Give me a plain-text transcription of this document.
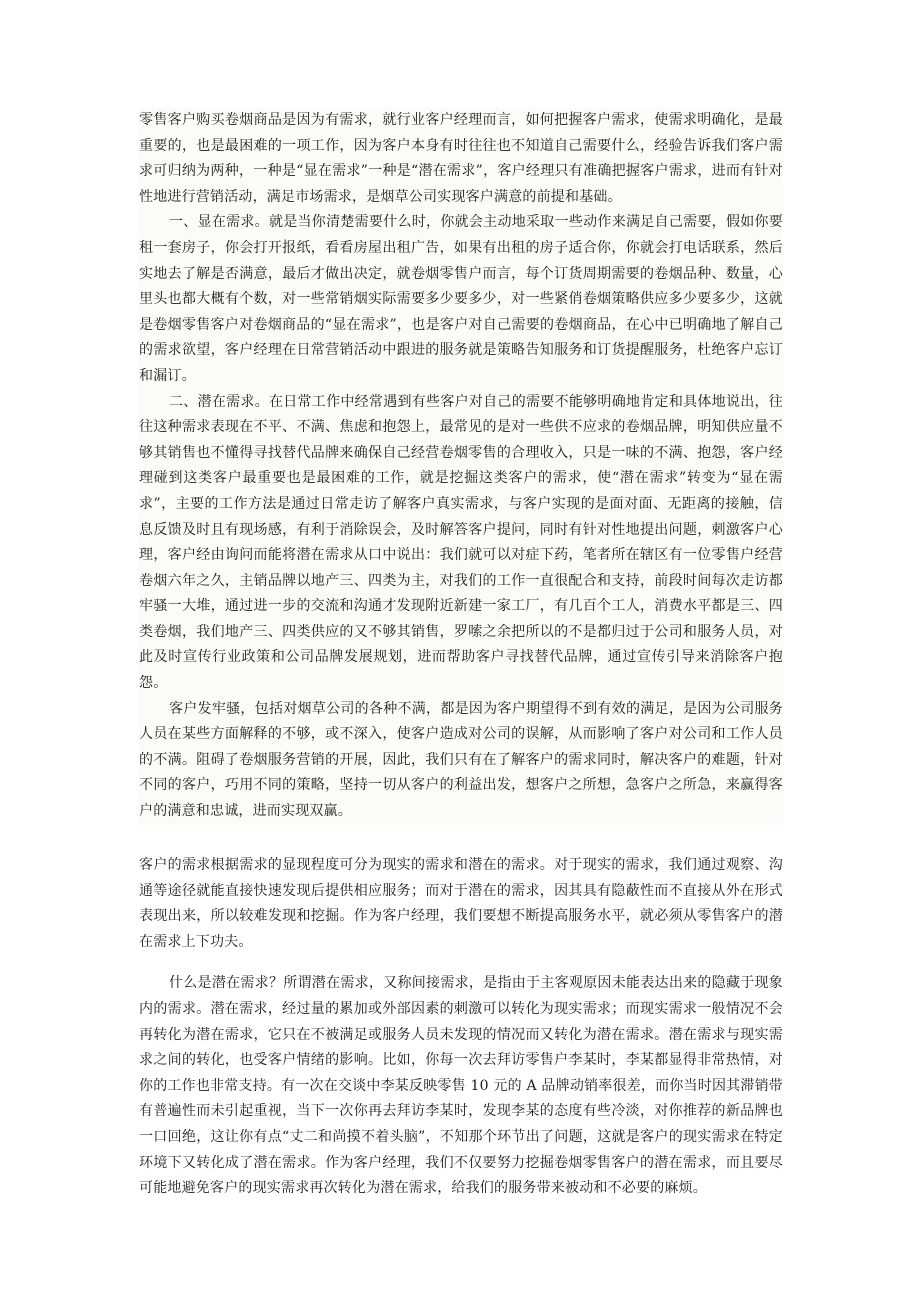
零售客户购买卷烟商品是因为有需求，就行业客户经理而言，如何把握客户需求，使需求明确化，是最重要的，也是最困难的一项工作，因为客户本身有时往往也不知道自己需要什么，经验告诉我们客户需求可归纳为两种，一种是“显在需求”一种是“潜在需求”，客户经理只有准确把握客户需求，进而有针对性地进行营销活动，满足市场需求，是烟草公司实现客户满意的前提和基础。

一、显在需求。就是当你清楚需要什么时，你就会主动地采取一些动作来满足自己需要，假如你要租一套房子，你会打开报纸，看看房屋出租广告，如果有出租的房子适合你，你就会打电话联系，然后实地去了解是否满意，最后才做出决定，就卷烟零售户而言，每个订货周期需要的卷烟品种、数量，心里头也都大概有个数，对一些常销烟实际需要多少要多少，对一些紧俏卷烟策略供应多少要多少，这就是卷烟零售客户对卷烟商品的“显在需求”，也是客户对自己需要的卷烟商品，在心中已明确地了解自己的需求欲望，客户经理在日常营销活动中跟进的服务就是策略告知服务和订货提醒服务，杜绝客户忘订和漏订。

二、潜在需求。在日常工作中经常遇到有些客户对自己的需要不能够明确地肯定和具体地说出，往往这种需求表现在不平、不满、焦虑和抱怨上，最常见的是对一些供不应求的卷烟品牌，明知供应量不够其销售也不懂得寻找替代品牌来确保自己经营卷烟零售的合理收入，只是一味的不满、抱怨，客户经理碰到这类客户最重要也是最困难的工作，就是挖掘这类客户的需求，使“潜在需求”转变为“显在需求”，主要的工作方法是通过日常走访了解客户真实需求，与客户实现的是面对面、无距离的接触，信息反馈及时且有现场感，有利于消除误会，及时解答客户提问，同时有针对性地提出问题，刺激客户心理，客户经由询问而能将潜在需求从口中说出：我们就可以对症下药，笔者所在辖区有一位零售户经营卷烟六年之久，主销品牌以地产三、四类为主，对我们的工作一直很配合和支持，前段时间每次走访都牢骚一大堆，通过进一步的交流和沟通才发现附近新建一家工厂，有几百个工人，消费水平都是三、四类卷烟，我们地产三、四类供应的又不够其销售，罗嗦之余把所以的不是都归过于公司和服务人员，对此及时宣传行业政策和公司品牌发展规划，进而帮助客户寻找替代品牌，通过宣传引导来消除客户抱怨。

客户发牢骚，包括对烟草公司的各种不满，都是因为客户期望得不到有效的满足，是因为公司服务人员在某些方面解释的不够，或不深入，使客户造成对公司的误解，从而影响了客户对公司和工作人员的不满。阻碍了卷烟服务营销的开展，因此，我们只有在了解客户的需求同时，解决客户的难题，针对不同的客户，巧用不同的策略，坚持一切从客户的利益出发，想客户之所想，急客户之所急，来赢得客户的满意和忠诚，进而实现双赢。

客户的需求根据需求的显现程度可分为现实的需求和潜在的需求。对于现实的需求，我们通过观察、沟通等途径就能直接快速发现后提供相应服务；而对于潜在的需求，因其具有隐蔽性而不直接从外在形式表现出来，所以较难发现和挖掘。作为客户经理，我们要想不断提高服务水平，就必须从零售客户的潜在需求上下功夫。

什么是潜在需求？所谓潜在需求，又称间接需求，是指由于主客观原因未能表达出来的隐藏于现象内的需求。潜在需求，经过量的累加或外部因素的刺激可以转化为现实需求；而现实需求一般情况不会再转化为潜在需求，它只在不被满足或服务人员未发现的情况而又转化为潜在需求。潜在需求与现实需求之间的转化，也受客户情绪的影响。比如，你每一次去拜访零售户李某时，李某都显得非常热情，对你的工作也非常支持。有一次在交谈中李某反映零售 10 元的 A 品牌动销率很差，而你当时因其滞销带有普遍性而未引起重视，当下一次你再去拜访李某时，发现李某的态度有些冷淡，对你推荐的新品牌也一口回绝，这让你有点“丈二和尚摸不着头脑”，不知那个环节出了问题，这就是客户的现实需求在特定环境下又转化成了潜在需求。作为客户经理，我们不仅要努力挖掘卷烟零售客户的潜在需求，而且要尽可能地避免客户的现实需求再次转化为潜在需求，给我们的服务带来被动和不必要的麻烦。
